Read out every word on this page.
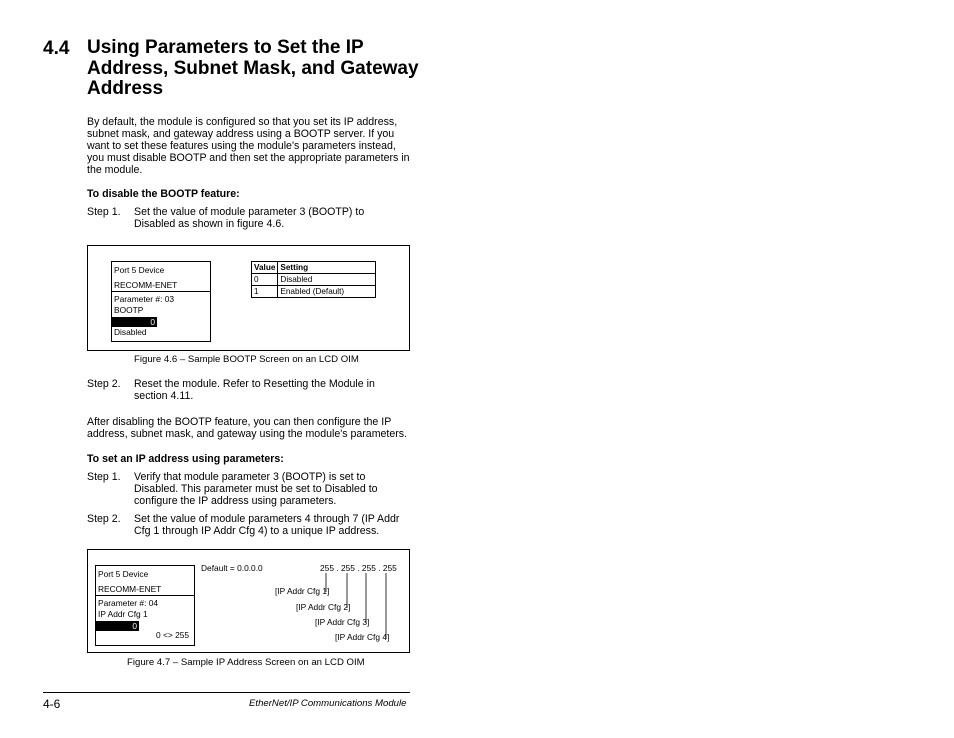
4.4 Using Parameters to Set the IP Address, Subnet Mask, and Gateway Address
By default, the module is configured so that you set its IP address, subnet mask, and gateway address using a BOOTP server. If you want to set these features using the module's parameters instead, you must disable BOOTP and then set the appropriate parameters in the module.
To disable the BOOTP feature:
Step 1. Set the value of module parameter 3 (BOOTP) to Disabled as shown in figure 4.6.
Port 5 Device
RECOMM-ENET
Parameter #: 03
BOOTP
0
Disabled
Value	Setting
0	Disabled
1	Enabled (Default)
Figure 4.6 – Sample BOOTP Screen on an LCD OIM
Step 2. Reset the module. Refer to Resetting the Module in section 4.11.
After disabling the BOOTP feature, you can then configure the IP address, subnet mask, and gateway using the module's parameters.
To set an IP address using parameters:
Step 1. Verify that module parameter 3 (BOOTP) is set to Disabled. This parameter must be set to Disabled to configure the IP address using parameters.
Step 2. Set the value of module parameters 4 through 7 (IP Addr Cfg 1 through IP Addr Cfg 4) to a unique IP address.
Port 5 Device
RECOMM-ENET
Parameter #: 04
IP Addr Cfg 1
0
0 <> 255
Default = 0.0.0.0	255 . 255 . 255 . 255
[IP Addr Cfg 1]
[IP Addr Cfg 2]
[IP Addr Cfg 3]
[IP Addr Cfg 4]
Figure 4.7 – Sample IP Address Screen on an LCD OIM
4-6	EtherNet/IP Communications Module
